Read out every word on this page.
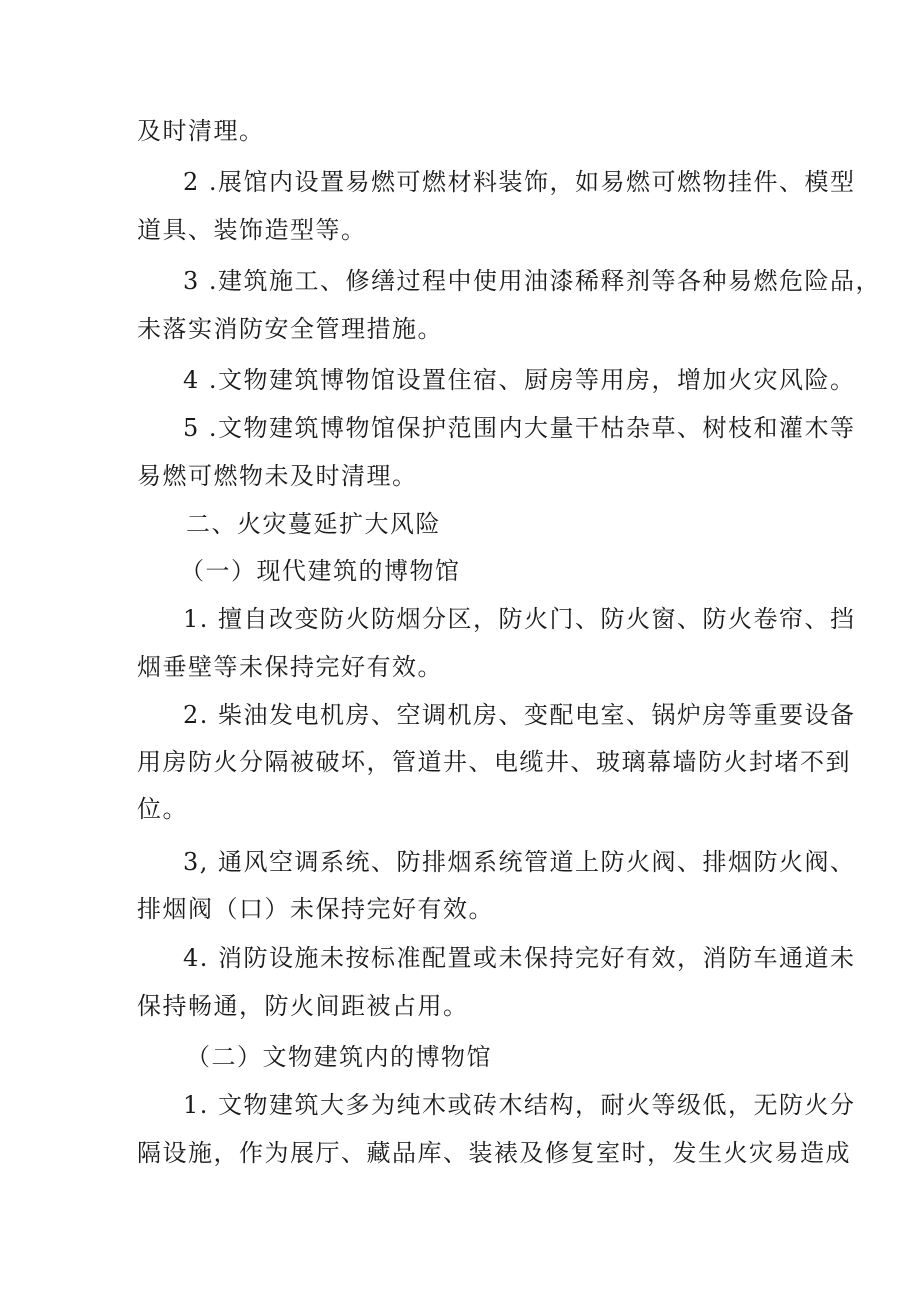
及时清理。
2 .展馆内设置易燃可燃材料装饰，如易燃可燃物挂件、模型
道具、装饰造型等。
3 .建筑施工、修缮过程中使用油漆稀释剂等各种易燃危险品，
未落实消防安全管理措施。
4 .文物建筑博物馆设置住宿、厨房等用房，增加火灾风险。
5 .文物建筑博物馆保护范围内大量干枯杂草、树枝和灌木等
易燃可燃物未及时清理。
二、火灾蔓延扩大风险
（一）现代建筑的博物馆
1. 擅自改变防火防烟分区，防火门、防火窗、防火卷帘、挡
烟垂壁等未保持完好有效。
2. 柴油发电机房、空调机房、变配电室、锅炉房等重要设备
用房防火分隔被破坏，管道井、电缆井、玻璃幕墙防火封堵不到
位。
3, 通风空调系统、防排烟系统管道上防火阀、排烟防火阀、
排烟阀（口）未保持完好有效。
4. 消防设施未按标准配置或未保持完好有效，消防车通道未
保持畅通，防火间距被占用。
（二）文物建筑内的博物馆
1. 文物建筑大多为纯木或砖木结构，耐火等级低，无防火分
隔设施，作为展厅、藏品库、装裱及修复室时，发生火灾易造成
